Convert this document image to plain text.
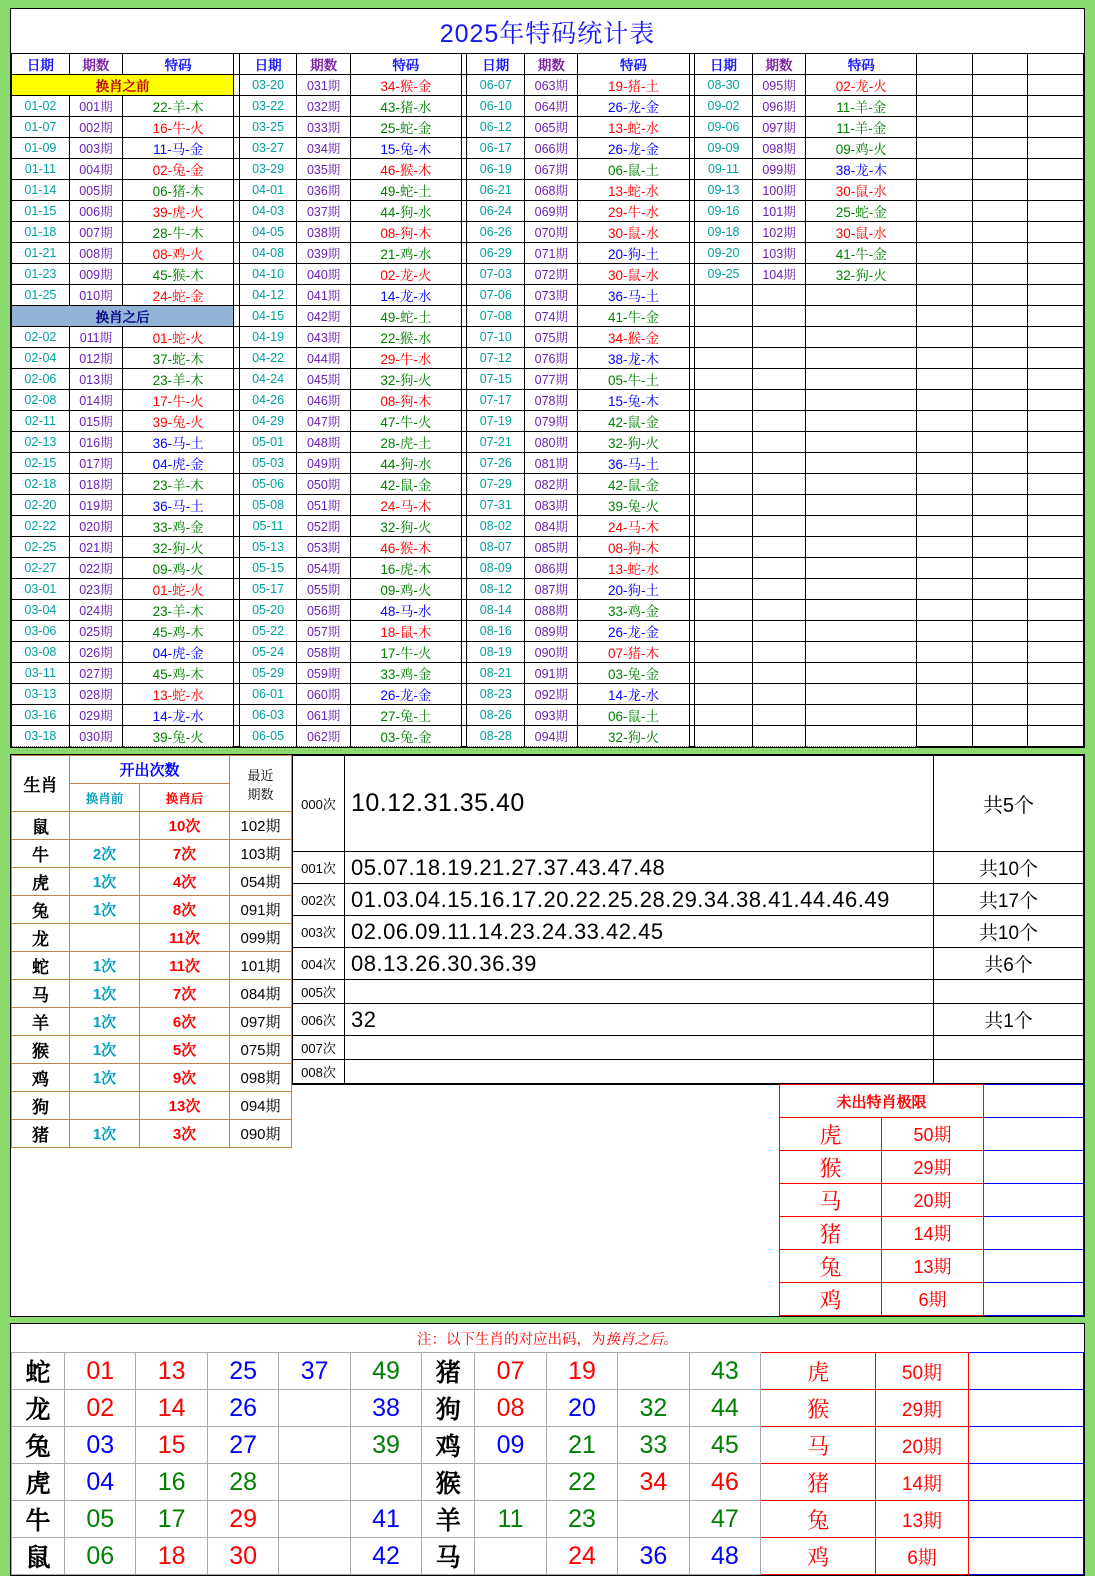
2025年特码统计表
日期	期数	特码		日期	期数	特码		日期	期数	特码		日期	期数	特码			
换肖之前				03-20	031期	34-猴-金		06-07	063期	19-猪-土		08-30	095期	02-龙-火			
01-02	001期	22-羊-木		03-22	032期	43-猪-水		06-10	064期	26-龙-金		09-02	096期	11-羊-金			
01-07	002期	16-牛-火		03-25	033期	25-蛇-金		06-12	065期	13-蛇-水		09-06	097期	11-羊-金			
01-09	003期	11-马-金		03-27	034期	15-兔-木		06-17	066期	26-龙-金		09-09	098期	09-鸡-火			
01-11	004期	02-兔-金		03-29	035期	46-猴-木		06-19	067期	06-鼠-土		09-11	099期	38-龙-木			
01-14	005期	06-猪-木		04-01	036期	49-蛇-土		06-21	068期	13-蛇-水		09-13	100期	30-鼠-水			
01-15	006期	39-虎-火		04-03	037期	44-狗-水		06-24	069期	29-牛-水		09-16	101期	25-蛇-金			
01-18	007期	28-牛-木		04-05	038期	08-狗-木		06-26	070期	30-鼠-水		09-18	102期	30-鼠-水			
01-21	008期	08-鸡-火		04-08	039期	21-鸡-水		06-29	071期	20-狗-土		09-20	103期	41-牛-金			
01-23	009期	45-猴-木		04-10	040期	02-龙-火		07-03	072期	30-鼠-水		09-25	104期	32-狗-火			
01-25	010期	24-蛇-金		04-12	041期	14-龙-水		07-06	073期	36-马-土							
换肖之后				04-15	042期	49-蛇-土		07-08	074期	41-牛-金							
02-02	011期	01-蛇-火		04-19	043期	22-猴-水		07-10	075期	34-猴-金							
02-04	012期	37-蛇-木		04-22	044期	29-牛-水		07-12	076期	38-龙-木							
02-06	013期	23-羊-木		04-24	045期	32-狗-火		07-15	077期	05-牛-土							
02-08	014期	17-牛-火		04-26	046期	08-狗-木		07-17	078期	15-兔-木							
02-11	015期	39-兔-火		04-29	047期	47-牛-火		07-19	079期	42-鼠-金							
02-13	016期	36-马-土		05-01	048期	28-虎-土		07-21	080期	32-狗-火							
02-15	017期	04-虎-金		05-03	049期	44-狗-水		07-26	081期	36-马-土							
02-18	018期	23-羊-木		05-06	050期	42-鼠-金		07-29	082期	42-鼠-金							
02-20	019期	36-马-土		05-08	051期	24-马-木		07-31	083期	39-兔-火							
02-22	020期	33-鸡-金		05-11	052期	32-狗-火		08-02	084期	24-马-木							
02-25	021期	32-狗-火		05-13	053期	46-猴-木		08-07	085期	08-狗-木							
02-27	022期	09-鸡-火		05-15	054期	16-虎-木		08-09	086期	13-蛇-水							
03-01	023期	01-蛇-火		05-17	055期	09-鸡-火		08-12	087期	20-狗-土							
03-04	024期	23-羊-木		05-20	056期	48-马-水		08-14	088期	33-鸡-金							
03-06	025期	45-鸡-木		05-22	057期	18-鼠-木		08-16	089期	26-龙-金							
03-08	026期	04-虎-金		05-24	058期	17-牛-火		08-19	090期	07-猪-木							
03-11	027期	45-鸡-木		05-29	059期	33-鸡-金		08-21	091期	03-兔-金							
03-13	028期	13-蛇-水		06-01	060期	26-龙-金		08-23	092期	14-龙-水							
03-16	029期	14-龙-水		06-03	061期	27-兔-土		08-26	093期	06-鼠-土							
03-18	030期	39-兔-火		06-05	062期	03-兔-金		08-28	094期	32-狗-火							
生肖	开出次数		最近
期数
	换肖前	换肖后	
鼠		10次	102期
牛	2次	7次	103期
虎	1次	4次	054期
兔	1次	8次	091期
龙		11次	099期
蛇	1次	11次	101期
马	1次	7次	084期
羊	1次	6次	097期
猴	1次	5次	075期
鸡	1次	9次	098期
狗		13次	094期
猪	1次	3次	090期
000次	10.12.31.35.40	共5个
001次	05.07.18.19.21.27.37.43.47.48	共10个
002次	01.03.04.15.16.17.20.22.25.28.29.34.38.41.44.46.49	共17个
003次	02.06.09.11.14.23.24.33.42.45	共10个
004次	08.13.26.30.36.39	共6个
005次		
006次	32	共1个
007次		
008次		
未出特肖极限		
虎	50期	
猴	29期	
马	20期	
猪	14期	
兔	13期	
鸡	6期	
注：以下生肖的对应出码，为换肖之后。
蛇	01	13	25	37	49	猪	07	19		43	虎	50期	
龙	02	14	26		38	狗	08	20	32	44	猴	29期	
兔	03	15	27		39	鸡	09	21	33	45	马	20期	
虎	04	16	28			猴		22	34	46	猪	14期	
牛	05	17	29		41	羊	11	23		47	兔	13期	
鼠	06	18	30		42	马		24	36	48	鸡	6期	
